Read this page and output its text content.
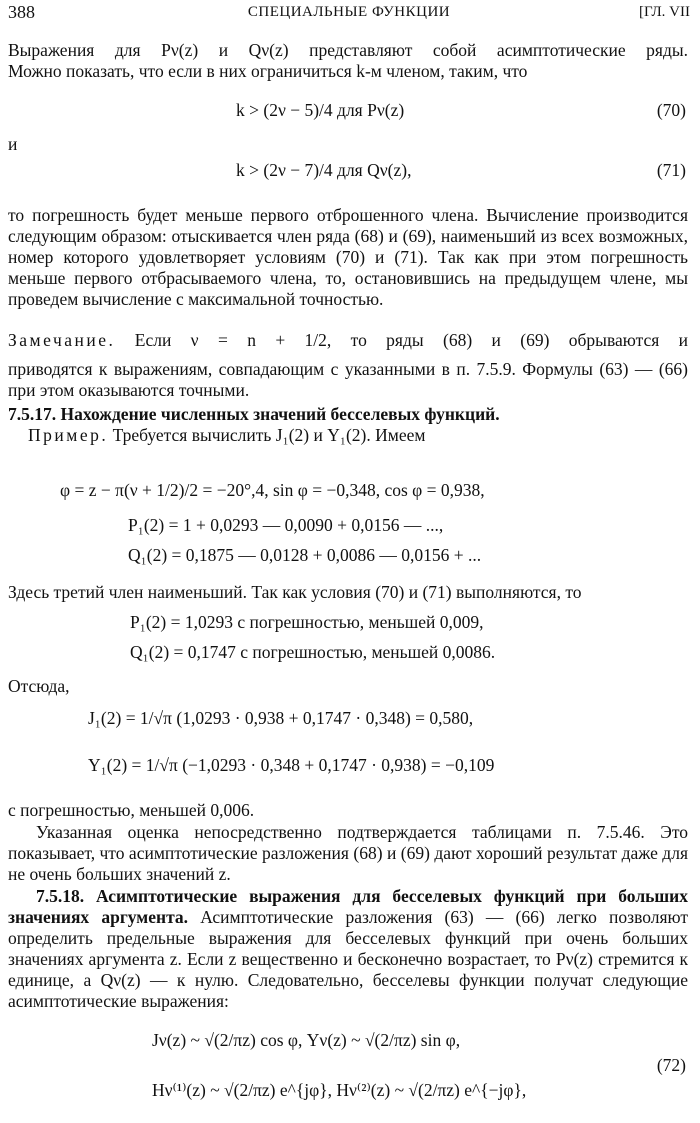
388	СПЕЦИАЛЬНЫЕ ФУНКЦИИ	[ГЛ. VII
Выражения для Pν(z) и Qν(z) представляют собой асимптотические ряды.
Можно показать, что если в них ограничиться k-м членом, таким, что
k > (2ν − 5)/4 для Pν(z)	(70)
и
k > (2ν − 7)/4 для Qν(z),	(71)
то погрешность будет меньше первого отброшенного члена. Вычисление производится следующим образом: отыскивается член ряда (68) и (69), наименьший из всех возможных, номер которого удовлетворяет условиям (70) и (71). Так как при этом погрешность меньше первого отбрасываемого члена, то, остановившись на предыдущем члене, мы проведем вычисление с максимальной точностью.
Замечание. Если ν = n + 1/2, то ряды (68) и (69) обрываются и
приводятся к выражениям, совпадающим с указанными в п. 7.5.9. Формулы (63) — (66) при этом оказываются точными.
7.5.17. Нахождение численных значений бесселевых функций.
Пример. Требуется вычислить J₁(2) и Y₁(2). Имеем
φ = z − π(ν + 1/2)/2 = −20°,4, sin φ = −0,348, cos φ = 0,938,
P₁(2) = 1 + 0,0293 — 0,0090 + 0,0156 — ...,
Q₁(2) = 0,1875 — 0,0128 + 0,0086 — 0,0156 + ...
Здесь третий член наименьший. Так как условия (70) и (71) выполняются, то
P₁(2) = 1,0293 с погрешностью, меньшей 0,009,
Q₁(2) = 0,1747 с погрешностью, меньшей 0,0086.
Отсюда,
J₁(2) = 1/√π (1,0293 · 0,938 + 0,1747 · 0,348) = 0,580,
Y₁(2) = 1/√π (−1,0293 · 0,348 + 0,1747 · 0,938) = −0,109
с погрешностью, меньшей 0,006.
Указанная оценка непосредственно подтверждается таблицами п. 7.5.46. Это показывает, что асимптотические разложения (68) и (69) дают хороший результат даже для не очень больших значений z.
7.5.18. Асимптотические выражения для бесселевых функций при больших значениях аргумента. Асимптотические разложения (63) — (66) легко позволяют определить предельные выражения для бесселевых функций при очень больших значениях аргумента z. Если z вещественно и бесконечно возрастает, то Pν(z) стремится к единице, а Qν(z) — к нулю. Следовательно, бесселевы функции получат следующие асимптотические выражения:
Jν(z) ~ √(2/πz) cos φ, Yν(z) ~ √(2/πz) sin φ,
Hν⁽¹⁾(z) ~ √(2/πz) e^{jφ}, Hν⁽²⁾(z) ~ √(2/πz) e^{−jφ},
(72)
